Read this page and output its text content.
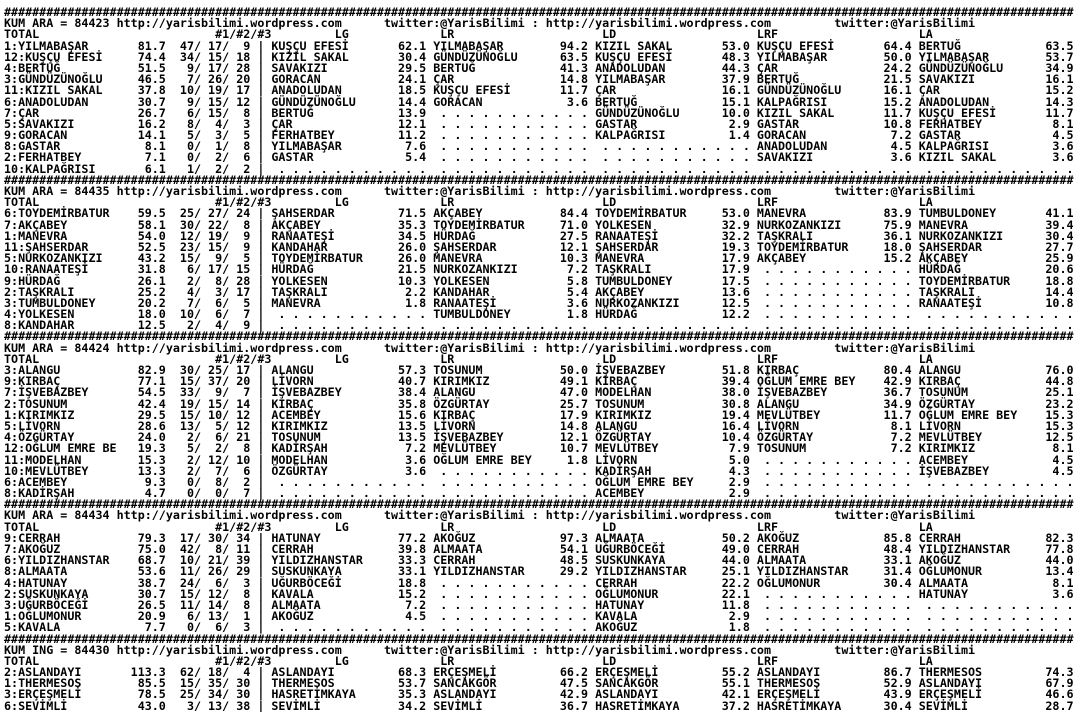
########################################################################################################################################################
KUM ARA = 84423 http://yarisbilimi.wordpress.com      twitter:@YarisBilimi : http://yarisbilimi.wordpress.com         twitter:@YarisBilimi
TOTAL                         #1/#2/#3         LG             LR                     LD                    LRF                    LA
1:YILMABAŞAR       81.7  47/ 17/  9 | KUŞÇU EFESİ       62.1 YILMABAŞAR        94.2 KIZIL SAKAL       53.0 KUŞÇU EFESİ       64.4 BERTUĞ            63.5
12:KUŞÇU EFESİ     74.4  34/ 15/ 18 | KIZIL SAKAL       30.4 GÜNDÜZÜNOĞLU      63.5 KUŞÇU EFESİ       48.3 YILMABAŞAR        50.0 YILMABAŞAR        53.7
4:BERTUĞ           51.5   9/ 17/ 28 | SAVAKIZI          29.5 BERTUĞ            41.3 ANADOLUDAN        44.3 ÇAR               24.2 GÜNDÜZÜNOĞLU      34.9
3:GÜNDÜZÜNOĞLU     46.5   7/ 26/ 20 | GORACAN           24.1 ÇAR               14.8 YILMABAŞAR        37.9 BERTUĞ            21.5 SAVAKIZI          16.1
11:KIZIL SAKAL     37.8  10/ 19/ 17 | ANADOLUDAN        18.5 KUŞÇU EFESİ       11.7 ÇAR               16.1 GÜNDÜZÜNOĞLU      16.1 ÇAR               15.2
6:ANADOLUDAN       30.7   9/ 15/ 12 | GÜNDÜZÜNOĞLU      14.4 GORACAN            3.6 BERTUĞ            15.1 KALPAĞRISI        15.2 ANADOLUDAN        14.3
7:ÇAR              26.7   6/ 15/  8 | BERTUĞ            13.9  . . . . . . . . . . . GÜNDÜZÜNOĞLU      10.0 KIZIL SAKAL       11.7 KUŞÇU EFESİ       11.7
5:SAVAKIZI         16.2   8/  4/  3 | ÇAR               12.1  . . . . . . . . . . . GASTAR             2.9 GASTAR            10.8 FERHATBEY          8.1
9:GORACAN          14.1   5/  3/  5 | FERHATBEY         11.2  . . . . . . . . . . . KALPAĞRISI         1.4 GORACAN            7.2 GASTAR             4.5
8:GASTAR            8.1   0/  1/  8 | YILMABAŞAR         7.6  . . . . . . . . . . .  . . . . . . . . . . . ANADOLUDAN         4.5 KALPAĞRISI         3.6
2:FERHATBEY         7.1   0/  2/  6 | GASTAR             5.4  . . . . . . . . . . .  . . . . . . . . . . . SAVAKIZI           3.6 KIZIL SAKAL        3.6
10:KALPAĞRISI       6.1   1/  2/  2 |  . . . . . . . . . . .  . . . . . . . . . . .  . . . . . . . . . . .  . . . . . . . . . . .  . . . . . . . . . . .
########################################################################################################################################################
KUM ARA = 84435 http://yarisbilimi.wordpress.com      twitter:@YarisBilimi : http://yarisbilimi.wordpress.com         twitter:@YarisBilimi
TOTAL                         #1/#2/#3         LG             LR                     LD                    LRF                    LA
6:TOYDEMİRBATUR    59.5  25/ 27/ 24 | ŞAHSERDAR         71.5 AKÇABEY           84.4 TOYDEMİRBATUR     53.0 MANEVRA           83.9 TUMBULDONEY       41.1
7:AKÇABEY          58.1  30/ 22/  8 | AKÇABEY           35.3 TOYDEMİRBATUR     71.0 YOLKESEN          32.9 NURKOZANKIZI      75.9 MANEVRA           39.4
1:MANEVRA          54.0  12/ 19/  9 | RANAATEŞİ         34.5 HÜRDAĞ            27.5 RANAATEŞİ         32.2 TAŞKRALI          36.1 NURKOZANKIZI      30.4
11:ŞAHSERDAR       52.5  23/ 15/  9 | KANDAHAR          26.0 ŞAHSERDAR         12.1 ŞAHSERDAR         19.3 TOYDEMİRBATUR     18.0 ŞAHSERDAR         27.7
5:NURKOZANKIZI     43.2  15/  9/  5 | TOYDEMİRBATUR     26.0 MANEVRA           10.3 MANEVRA           17.9 AKÇABEY           15.2 AKÇABEY           25.9
10:RANAATEŞİ       31.8   6/ 17/ 15 | HÜRDAĞ            21.5 NURKOZANKIZI       7.2 TAŞKRALI          17.9  . . . . . . . . . . . HÜRDAĞ            20.6
9:HÜRDAĞ           26.1   2/  8/ 28 | YOLKESEN          10.3 YOLKESEN           5.8 TUMBULDONEY       17.5  . . . . . . . . . . . TOYDEMİRBATUR     18.8
2:TAŞKRALI         25.2   4/  3/ 17 | TAŞKRALI           2.2 KANDAHAR           5.4 AKÇABEY           13.6  . . . . . . . . . . . TAŞKRALI          14.4
3:TUMBULDONEY      20.2   7/  6/  5 | MANEVRA            1.8 RANAATEŞİ          3.6 NURKOZANKIZI      12.5  . . . . . . . . . . . RANAATEŞİ         10.8
4:YOLKESEN         18.0  10/  6/  7 |  . . . . . . . . . . . TUMBULDONEY        1.8 HÜRDAĞ            12.2  . . . . . . . . . . .  . . . . . . . . . . .
8:KANDAHAR         12.5   2/  4/  9 |  . . . . . . . . . . .  . . . . . . . . . . .  . . . . . . . . . . .  . . . . . . . . . . .  . . . . . . . . . . .
########################################################################################################################################################
KUM ARA = 84424 http://yarisbilimi.wordpress.com      twitter:@YarisBilimi : http://yarisbilimi.wordpress.com         twitter:@YarisBilimi
TOTAL                         #1/#2/#3         LG             LR                     LD                    LRF                    LA
3:ALANGU           82.9  30/ 25/ 17 | ALANGU            57.3 TOSUNUM           50.0 İŞVEBAZBEY        51.8 KIRBAÇ            80.4 ALANGU            76.0
9:KIRBAÇ           77.1  15/ 37/ 20 | LİVORN            40.7 KIRIMKIZ          49.1 KIRBAÇ            39.4 OĞLUM EMRE BEY    42.9 KIRBAÇ            44.8
7:İŞVEBAZBEY       54.5  33/  9/  7 | İŞVEBAZBEY        38.4 ALANGU            47.0 MODELHAN          38.0 İŞVEBAZBEY        36.7 TOSUNUM           25.1
2:TOSUNUM          42.4  19/ 15/ 14 | KIRBAÇ            35.8 ÖZGÜRTAY          25.7 TOSUNUM           30.8 ALANGU            34.9 ÖZGÜRTAY          23.2
1:KIRIMKIZ         29.5  15/ 10/ 12 | ACEMBEY           15.6 KIRBAÇ            17.9 KIRIMKIZ          19.4 MEVLÜTBEY         11.7 OĞLUM EMRE BEY    15.3
5:LİVORN           28.6  13/  5/ 12 | KIRIMKIZ          13.5 LİVORN            14.8 ALANGU            16.4 LİVORN             8.1 LİVORN            15.3
4:ÖZGÜRTAY         24.0   2/  6/ 21 | TOSUNUM           13.5 İŞVEBAZBEY        12.1 ÖZGÜRTAY          10.4 ÖZGÜRTAY           7.2 MEVLÜTBEY         12.5
12:OĞLUM EMRE BE   19.3   5/  2/  8 | KADİRŞAH           7.2 MEVLÜTBEY         10.7 MEVLÜTBEY          7.9 TOSUNUM            7.2 KIRIMKIZ           8.1
11:MODELHAN        15.3   2/ 12/ 10 | MODELHAN           3.6 OĞLUM EMRE BEY     1.8 LİVORN             5.0  . . . . . . . . . . . ACEMBEY            4.5
10:MEVLÜTBEY       13.3   2/  7/  6 | ÖZGÜRTAY           3.6  . . . . . . . . . . . KADİRŞAH           4.3  . . . . . . . . . . . İŞVEBAZBEY         4.5
6:ACEMBEY           9.3   0/  8/  2 |  . . . . . . . . . . .  . . . . . . . . . . . OĞLUM EMRE BEY     2.9  . . . . . . . . . . .  . . . . . . . . . . .
8:KADİRŞAH          4.7   0/  0/  7 |  . . . . . . . . . . .  . . . . . . . . . . . ACEMBEY            2.9  . . . . . . . . . . .  . . . . . . . . . . .
########################################################################################################################################################
KUM ARA = 84434 http://yarisbilimi.wordpress.com      twitter:@YarisBilimi : http://yarisbilimi.wordpress.com         twitter:@YarisBilimi
TOTAL                         #1/#2/#3         LG             LR                     LD                    LRF                    LA
9:CERRAH           79.3  17/ 30/ 34 | HATUNAY           77.2 AKOĞUZ            97.3 ALMAATA           50.2 AKOĞUZ            85.8 CERRAH            82.3
7:AKOĞUZ           75.0  42/  8/ 11 | CERRAH            39.8 ALMAATA           54.1 UĞURBÖCEĞİ        49.0 CERRAH            48.4 YILDIZHANSTAR     77.8
6:YILDIZHANSTAR    68.7  10/ 21/ 39 | YILDIZHANSTAR     33.3 CERRAH            48.5 SUSKUNKAYA        44.0 ALMAATA           33.1 AKOĞUZ            44.0
8:ALMAATA          53.6  11/ 26/ 29 | SUSKUNKAYA        33.1 YILDIZHANSTAR     29.2 YILDIZHANSTAR     25.1 YILDIZHANSTAR     31.4 OĞLUMONUR         13.4
4:HATUNAY          38.7  24/  6/  3 | UĞURBÖCEĞİ        18.8  . . . . . . . . . . . CERRAH            22.2 OĞLUMONUR         30.4 ALMAATA            8.1
2:SUSKUNKAYA       30.7  15/ 12/  8 | KAVALA            15.2  . . . . . . . . . . . OĞLUMONUR         22.1  . . . . . . . . . . . HATUNAY            3.6
3:UĞURBÖCEĞİ       26.5  11/ 14/  8 | ALMAATA            7.2  . . . . . . . . . . . HATUNAY           11.8  . . . . . . . . . . .  . . . . . . . . . . .
1:OĞLUMONUR        20.9   6/ 13/  1 | AKOĞUZ             4.5  . . . . . . . . . . . KAVALA             2.9  . . . . . . . . . . .  . . . . . . . . . . .
5:KAVALA            7.7   0/  6/  3 |  . . . . . . . . . . .  . . . . . . . . . . . AKOĞUZ             1.8  . . . . . . . . . . .  . . . . . . . . . . .
########################################################################################################################################################
KUM ING = 84430 http://yarisbilimi.wordpress.com      twitter:@YarisBilimi : http://yarisbilimi.wordpress.com         twitter:@YarisBilimi
TOTAL                         #1/#2/#3         LG             LR                     LD                    LRF                    LA
2:ASLANDAYI       113.3  62/ 18/  4 | ASLANDAYI         68.3 ERÇEŞMELİ         66.2 ERÇEŞMELİ         55.2 ASLANDAYI         86.7 THERMESOS         74.3
1:THERMESOS        85.5  15/ 35/ 30 | THERMESOS         53.7 SANCAKGÖR         47.5 SANCAKGÖR         55.1 THERMESOS         52.9 ASLANDAYI         67.9
3:ERÇEŞMELİ        78.5  25/ 34/ 30 | HASRETİMKAYA      35.3 ASLANDAYI         42.9 ASLANDAYI         42.1 ERÇEŞMELİ         43.9 ERÇEŞMELİ         46.6
6:SEVİMLİ          43.0   3/ 13/ 38 | SEVİMLİ           34.2 SEVİMLİ           36.7 HASRETİMKAYA      37.2 HASRETİMKAYA      30.4 SEVİMLİ           28.7
